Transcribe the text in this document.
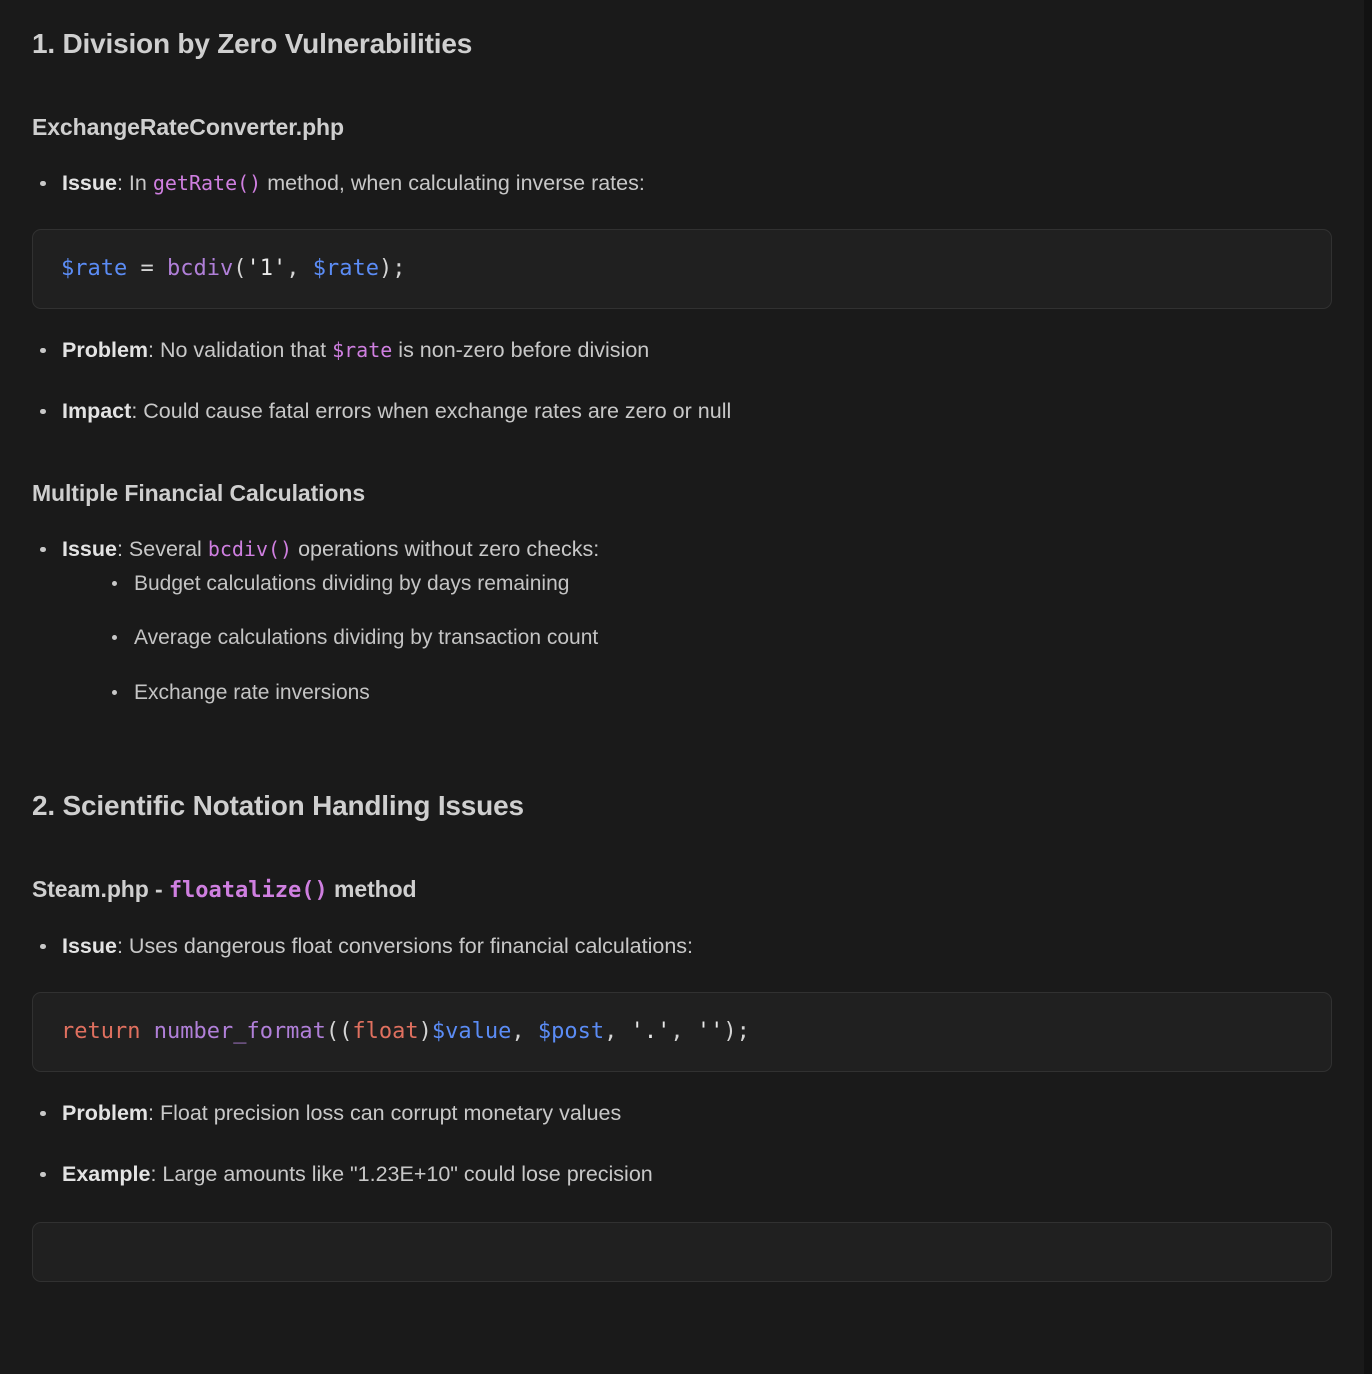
1. Division by Zero Vulnerabilities
ExchangeRateConverter.php
Issue: In getRate() method, when calculating inverse rates:
$rate = bcdiv('1', $rate);
Problem: No validation that $rate is non-zero before division
Impact: Could cause fatal errors when exchange rates are zero or null
Multiple Financial Calculations
Issue: Several bcdiv() operations without zero checks:
Budget calculations dividing by days remaining
Average calculations dividing by transaction count
Exchange rate inversions
2. Scientific Notation Handling Issues
Steam.php - floatalize() method
Issue: Uses dangerous float conversions for financial calculations:
return number_format((float)$value, $post, '.', '');
Problem: Float precision loss can corrupt monetary values
Example: Large amounts like "1.23E+10" could lose precision
